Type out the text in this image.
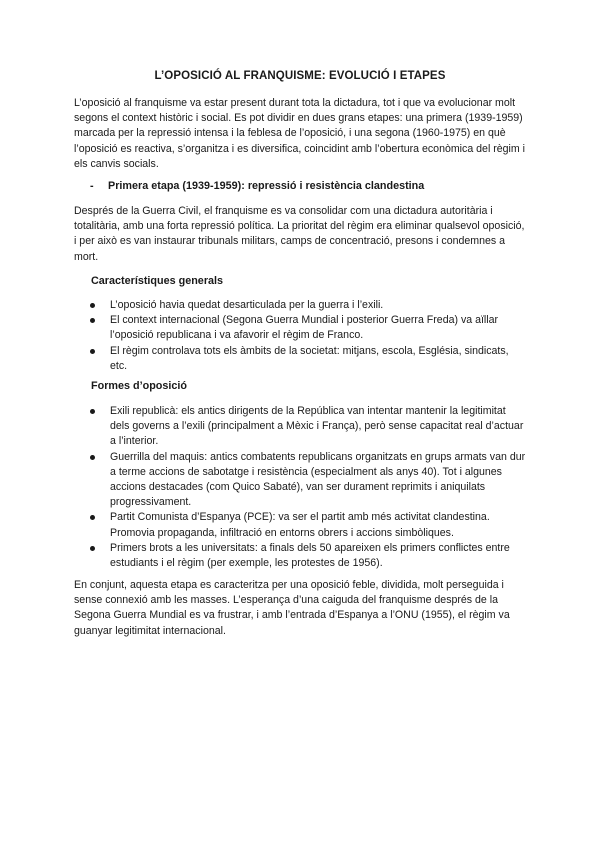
L’OPOSICIÓ AL FRANQUISME: EVOLUCIÓ I ETAPES

L’oposició al franquisme va estar present durant tota la dictadura, tot i que va evolucionar molt segons el context històric i social. Es pot dividir en dues grans etapes: una primera (1939-1959) marcada per la repressió intensa i la feblesa de l’oposició, i una segona (1960-1975) en què l’oposició es reactiva, s’organitza i es diversifica, coincidint amb l’obertura econòmica del règim i els canvis socials.

- Primera etapa (1939-1959): repressió i resistència clandestina

Després de la Guerra Civil, el franquisme es va consolidar com una dictadura autoritària i totalitària, amb una forta repressió política. La prioritat del règim era eliminar qualsevol oposició, i per això es van instaurar tribunals militars, camps de concentració, presons i condemnes a mort.

Característiques generals
L’oposició havia quedat desarticulada per la guerra i l’exili.
El context internacional (Segona Guerra Mundial i posterior Guerra Freda) va aïllar l’oposició republicana i va afavorir el règim de Franco.
El règim controlava tots els àmbits de la societat: mitjans, escola, Església, sindicats, etc.
Formes d’oposició
Exili republicà: els antics dirigents de la República van intentar mantenir la legitimitat dels governs a l’exili (principalment a Mèxic i França), però sense capacitat real d’actuar a l’interior.
Guerrilla del maquis: antics combatents republicans organitzats en grups armats van dur a terme accions de sabotatge i resistència (especialment als anys 40). Tot i algunes accions destacades (com Quico Sabaté), van ser durament reprimits i aniquilats progressivament.
Partit Comunista d’Espanya (PCE): va ser el partit amb més activitat clandestina. Promovia propaganda, infiltració en entorns obrers i accions simbòliques.
Primers brots a les universitats: a finals dels 50 apareixen els primers conflictes entre estudiants i el règim (per exemple, les protestes de 1956).

En conjunt, aquesta etapa es caracteritza per una oposició feble, dividida, molt perseguida i sense connexió amb les masses. L’esperança d’una caiguda del franquisme després de la Segona Guerra Mundial es va frustrar, i amb l’entrada d’Espanya a l’ONU (1955), el règim va guanyar legitimitat internacional.
